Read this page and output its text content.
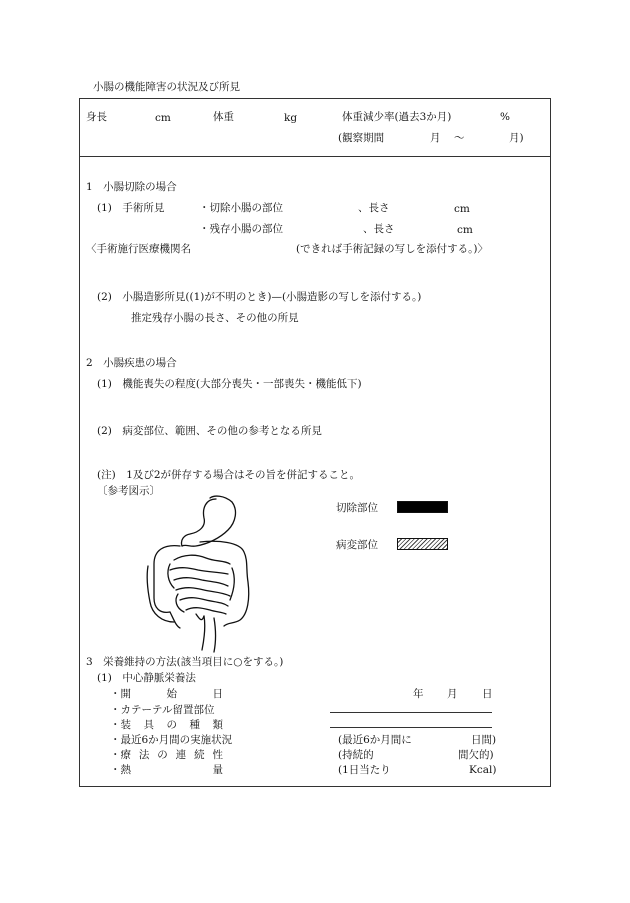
小腸の機能障害の状況及び所見
身長	cm	体重	kg	体重減少率(過去3か月)	%
(観察期間	月 ～	月)
1　小腸切除の場合
(1)　手術所見	・切除小腸の部位	、長さ	cm
・残存小腸の部位	、長さ	cm
〈手術施行医療機関名	(できれば手術記録の写しを添付する。)〉
(2)　小腸造影所見((1)が不明のとき)—(小腸造影の写しを添付する。)
推定残存小腸の長さ、その他の所見
2　小腸疾患の場合
(1)　機能喪失の程度(大部分喪失・一部喪失・機能低下)
(2)　病変部位、範囲、その他の参考となる所見
(注)　1及び2が併存する場合はその旨を併記すること。
〔参考図示〕
切除部位
病変部位
3　栄養維持の方法(該当項目に○をする。)
(1)　中心静脈栄養法
・開	始	日	年 月 日
・カテーテル留置部位
・装 具 の 種 類
・最近6か月間の実施状況	(最近6か月間に	日間)
・療 法 の 連 続 性	(持続的	間欠的)
・熱	量	(1日当たり	Kcal)
